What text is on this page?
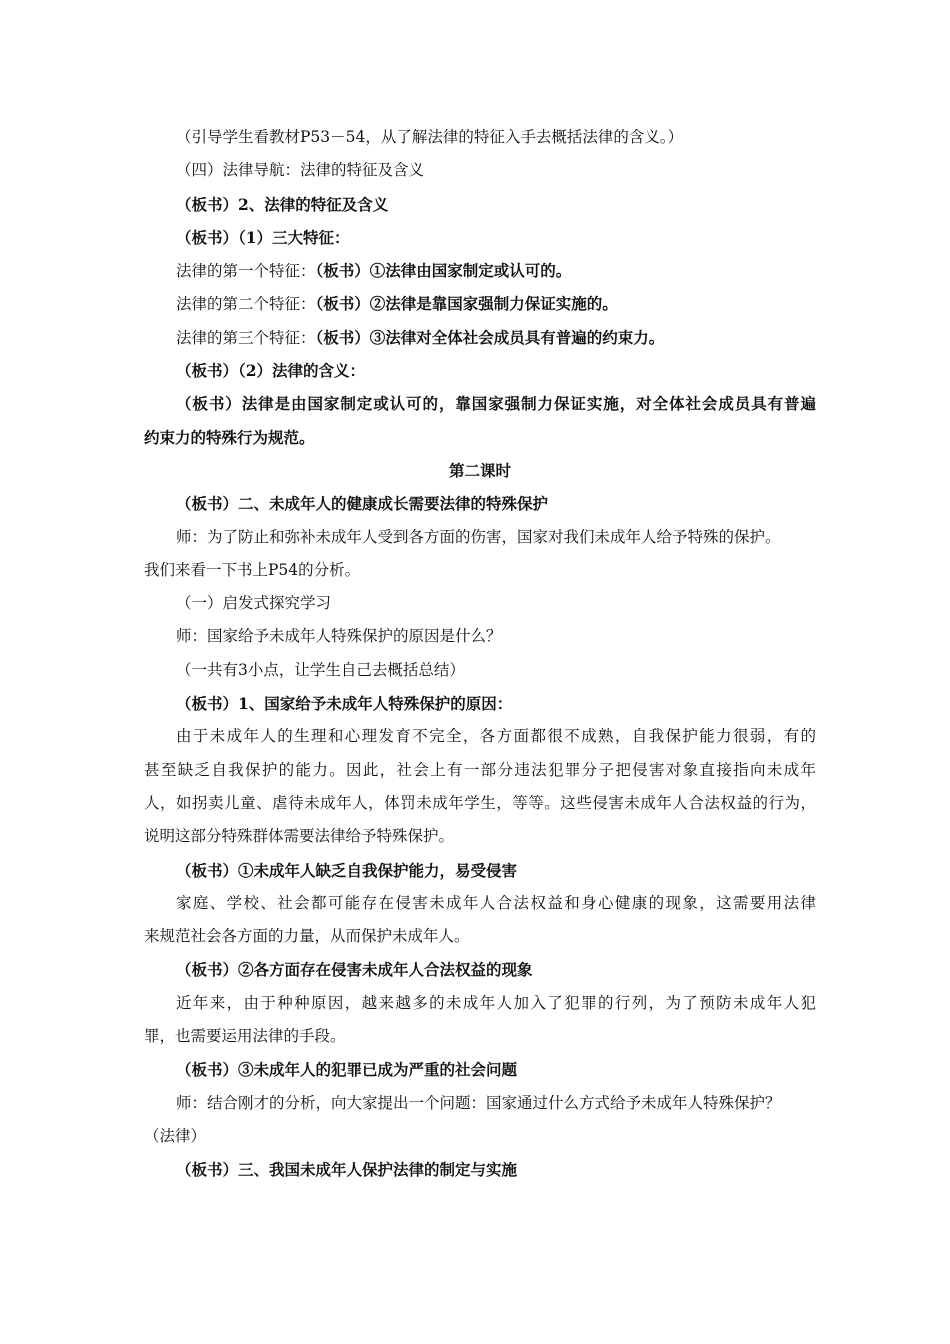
（引导学生看教材P53－54，从了解法律的特征入手去概括法律的含义。）
（四）法律导航：法律的特征及含义
（板书）2、法律的特征及含义
（板书）（1）三大特征：
法律的第一个特征：（板书）①法律由国家制定或认可的。
法律的第二个特征：（板书）②法律是靠国家强制力保证实施的。
法律的第三个特征：（板书）③法律对全体社会成员具有普遍的约束力。
（板书）（2）法律的含义：
（板书）法律是由国家制定或认可的，靠国家强制力保证实施，对全体社会成员具有普遍
约束力的特殊行为规范。
第二课时
（板书）二、未成年人的健康成长需要法律的特殊保护
师：为了防止和弥补未成年人受到各方面的伤害，国家对我们未成年人给予特殊的保护。
我们来看一下书上P54的分析。
（一）启发式探究学习
师：国家给予未成年人特殊保护的原因是什么？
（一共有3小点，让学生自己去概括总结）
（板书）1、国家给予未成年人特殊保护的原因：
由于未成年人的生理和心理发育不完全，各方面都很不成熟，自我保护能力很弱，有的
甚至缺乏自我保护的能力。因此，社会上有一部分违法犯罪分子把侵害对象直接指向未成年
人，如拐卖儿童、虐待未成年人，体罚未成年学生，等等。这些侵害未成年人合法权益的行为，
说明这部分特殊群体需要法律给予特殊保护。
（板书）①未成年人缺乏自我保护能力，易受侵害
家庭、学校、社会都可能存在侵害未成年人合法权益和身心健康的现象，这需要用法律
来规范社会各方面的力量，从而保护未成年人。
（板书）②各方面存在侵害未成年人合法权益的现象
近年来，由于种种原因，越来越多的未成年人加入了犯罪的行列，为了预防未成年人犯
罪，也需要运用法律的手段。
（板书）③未成年人的犯罪已成为严重的社会问题
师：结合刚才的分析，向大家提出一个问题：国家通过什么方式给予未成年人特殊保护？
（法律）
（板书）三、我国未成年人保护法律的制定与实施
